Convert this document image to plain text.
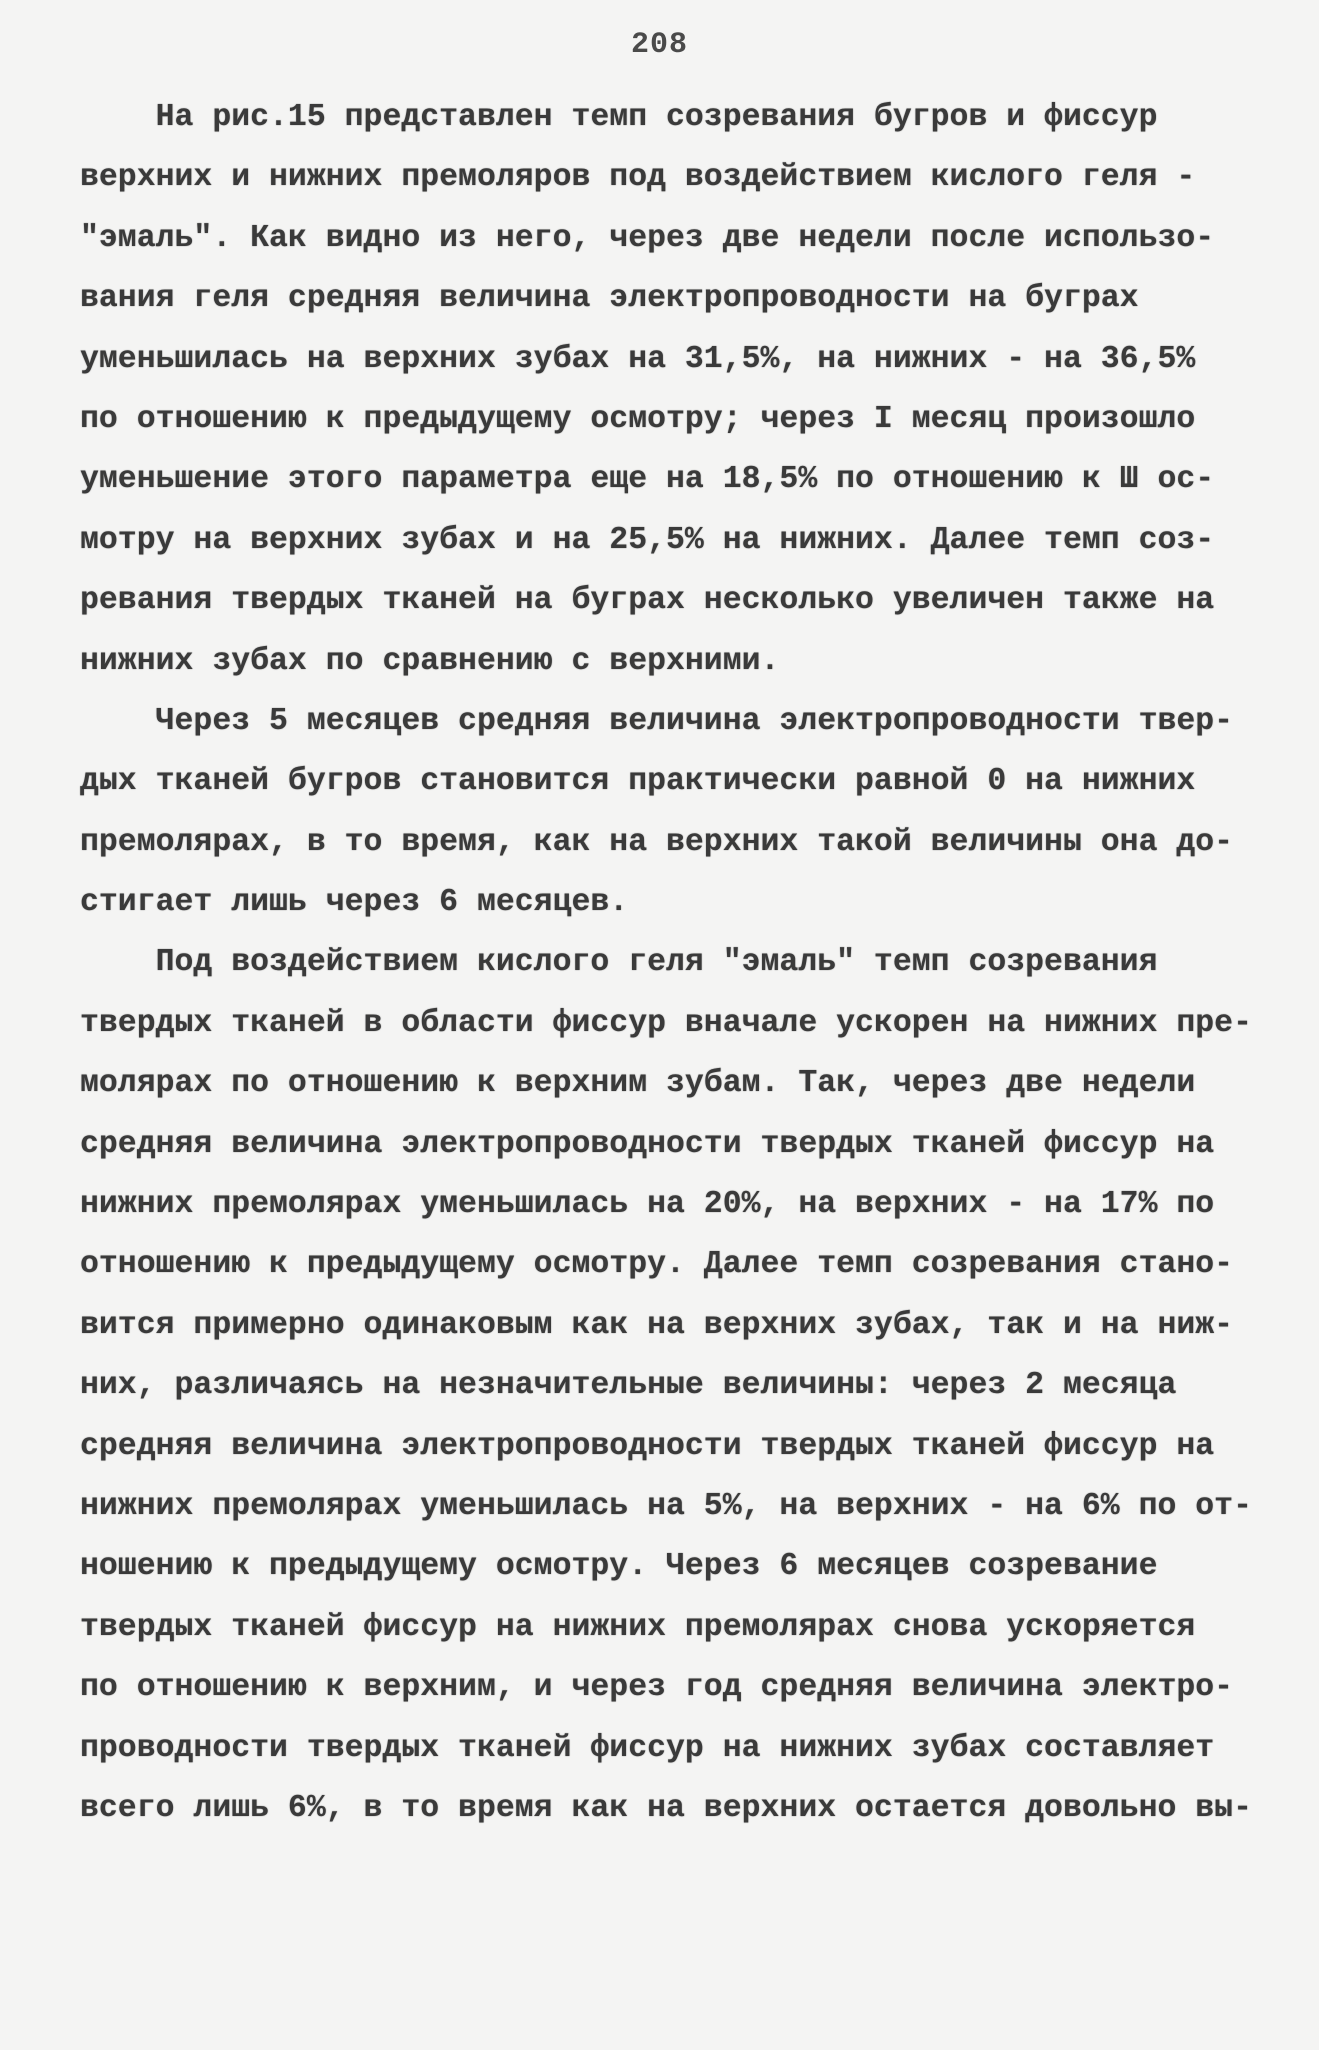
208
На рис.15 представлен темп созревания бугров и фиссур
верхних и нижних премоляров под воздействием кислого геля -
"эмаль". Как видно из него, через две недели после использо-
вания геля средняя величина электропроводности на буграх
уменьшилась на верхних зубах на 31,5%, на нижних - на 36,5%
по отношению к предыдущему осмотру; через I месяц произошло
уменьшение этого параметра еще на 18,5% по отношению к Ш ос-
мотру на верхних зубах и на 25,5% на нижних. Далее темп соз-
ревания твердых тканей на буграх несколько увеличен также на
нижних зубах по сравнению с верхними.
Через 5 месяцев средняя величина электропроводности твер-
дых тканей бугров становится практически равной 0 на нижних
премолярах, в то время, как на верхних такой величины она до-
стигает лишь через 6 месяцев.
Под воздействием кислого геля "эмаль" темп созревания
твердых тканей в области фиссур вначале ускорен на нижних пре-
молярах по отношению к верхним зубам. Так, через две недели
средняя величина электропроводности твердых тканей фиссур на
нижних премолярах уменьшилась на 20%, на верхних - на 17% по
отношению к предыдущему осмотру. Далее темп созревания стано-
вится примерно одинаковым как на верхних зубах, так и на ниж-
них, различаясь на незначительные величины: через 2 месяца
средняя величина электропроводности твердых тканей фиссур на
нижних премолярах уменьшилась на 5%, на верхних - на 6% по от-
ношению к предыдущему осмотру. Через 6 месяцев созревание
твердых тканей фиссур на нижних премолярах снова ускоряется
по отношению к верхним, и через год средняя величина электро-
проводности твердых тканей фиссур на нижних зубах составляет
всего лишь 6%, в то время как на верхних остается довольно вы-
